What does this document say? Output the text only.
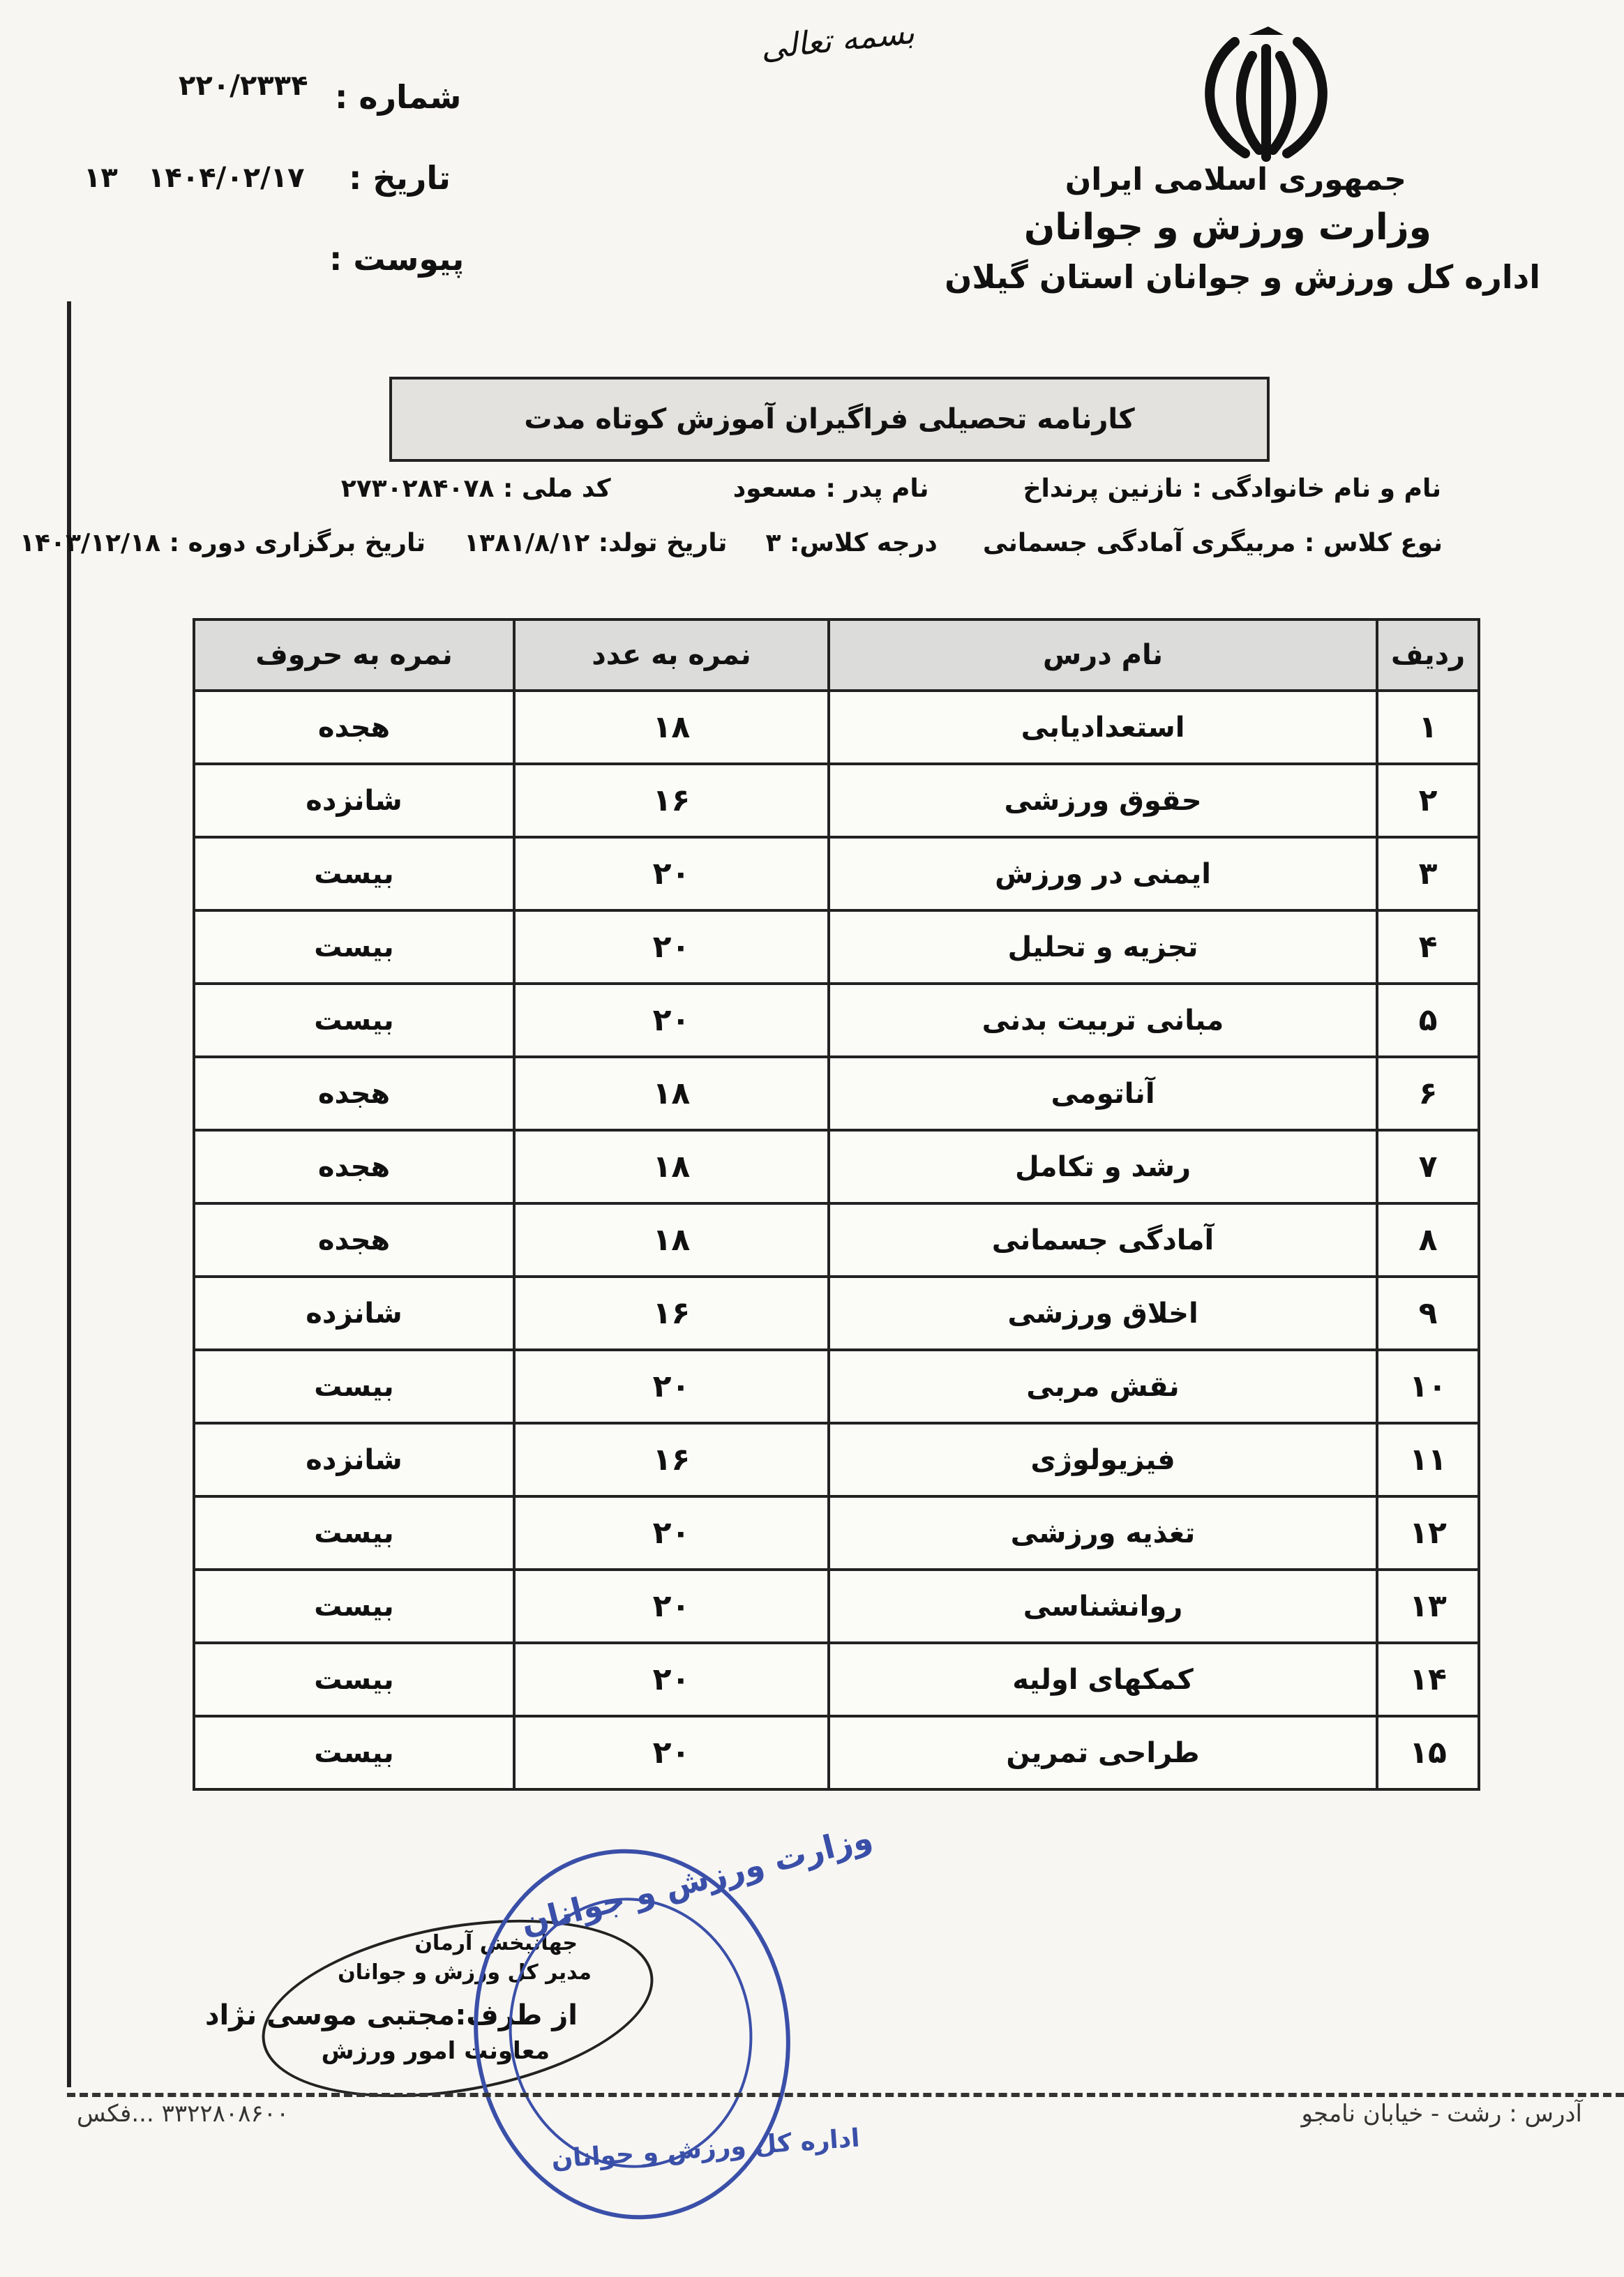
شماره :
۲۲۰/۲۳۳۴
تاریخ :
۱۴۰۴/۰۲/۱۷
۱۳
پیوست :
بسمه تعالی
جمهوری اسلامی ایران
وزارت ورزش و جوانان
اداره کل ورزش و جوانان استان گیلان
کارنامه تحصیلی فراگیران آموزش کوتاه مدت
نام و نام خانوادگی : نازنین پرنداخ  نام پدر : مسعود  کد ملی : ۲۷۳۰۲۸۴۰۷۸
نوع کلاس : مربیگری آمادگی جسمانی  درجه کلاس: ۳  تاریخ تولد: ۱۳۸۱/۸/۱۲  تاریخ برگزاری دوره : ۱۴۰۳/۱۲/۱۸
ردیف	نام درس	نمره به عدد	نمره به حروف
۱	استعدادیابی	۱۸	هجده
۲	حقوق ورزشی	۱۶	شانزده
۳	ایمنی در ورزش	۲۰	بیست
۴	تجزیه و تحلیل	۲۰	بیست
۵	مبانی تربیت بدنی	۲۰	بیست
۶	آناتومی	۱۸	هجده
۷	رشد و تکامل	۱۸	هجده
۸	آمادگی جسمانی	۱۸	هجده
۹	اخلاق ورزشی	۱۶	شانزده
۱۰	نقش مربی	۲۰	بیست
۱۱	فیزیولوژی	۱۶	شانزده
۱۲	تغذیه ورزشی	۲۰	بیست
۱۳	روانشناسی	۲۰	بیست
۱۴	کمکهای اولیه	۲۰	بیست
۱۵	طراحی تمرین	۲۰	بیست
جهانبخش آرمان
مدیر کل ورزش و جوانان
از طرف:مجتبی موسی نژاد
معاونت امور ورزش
وزارت ورزش و جوانان
اداره کل ورزش و جوانان
۳۳۲۲۸۰۸۶۰۰ ...فکس	آدرس : رشت - خیابان نامجو
